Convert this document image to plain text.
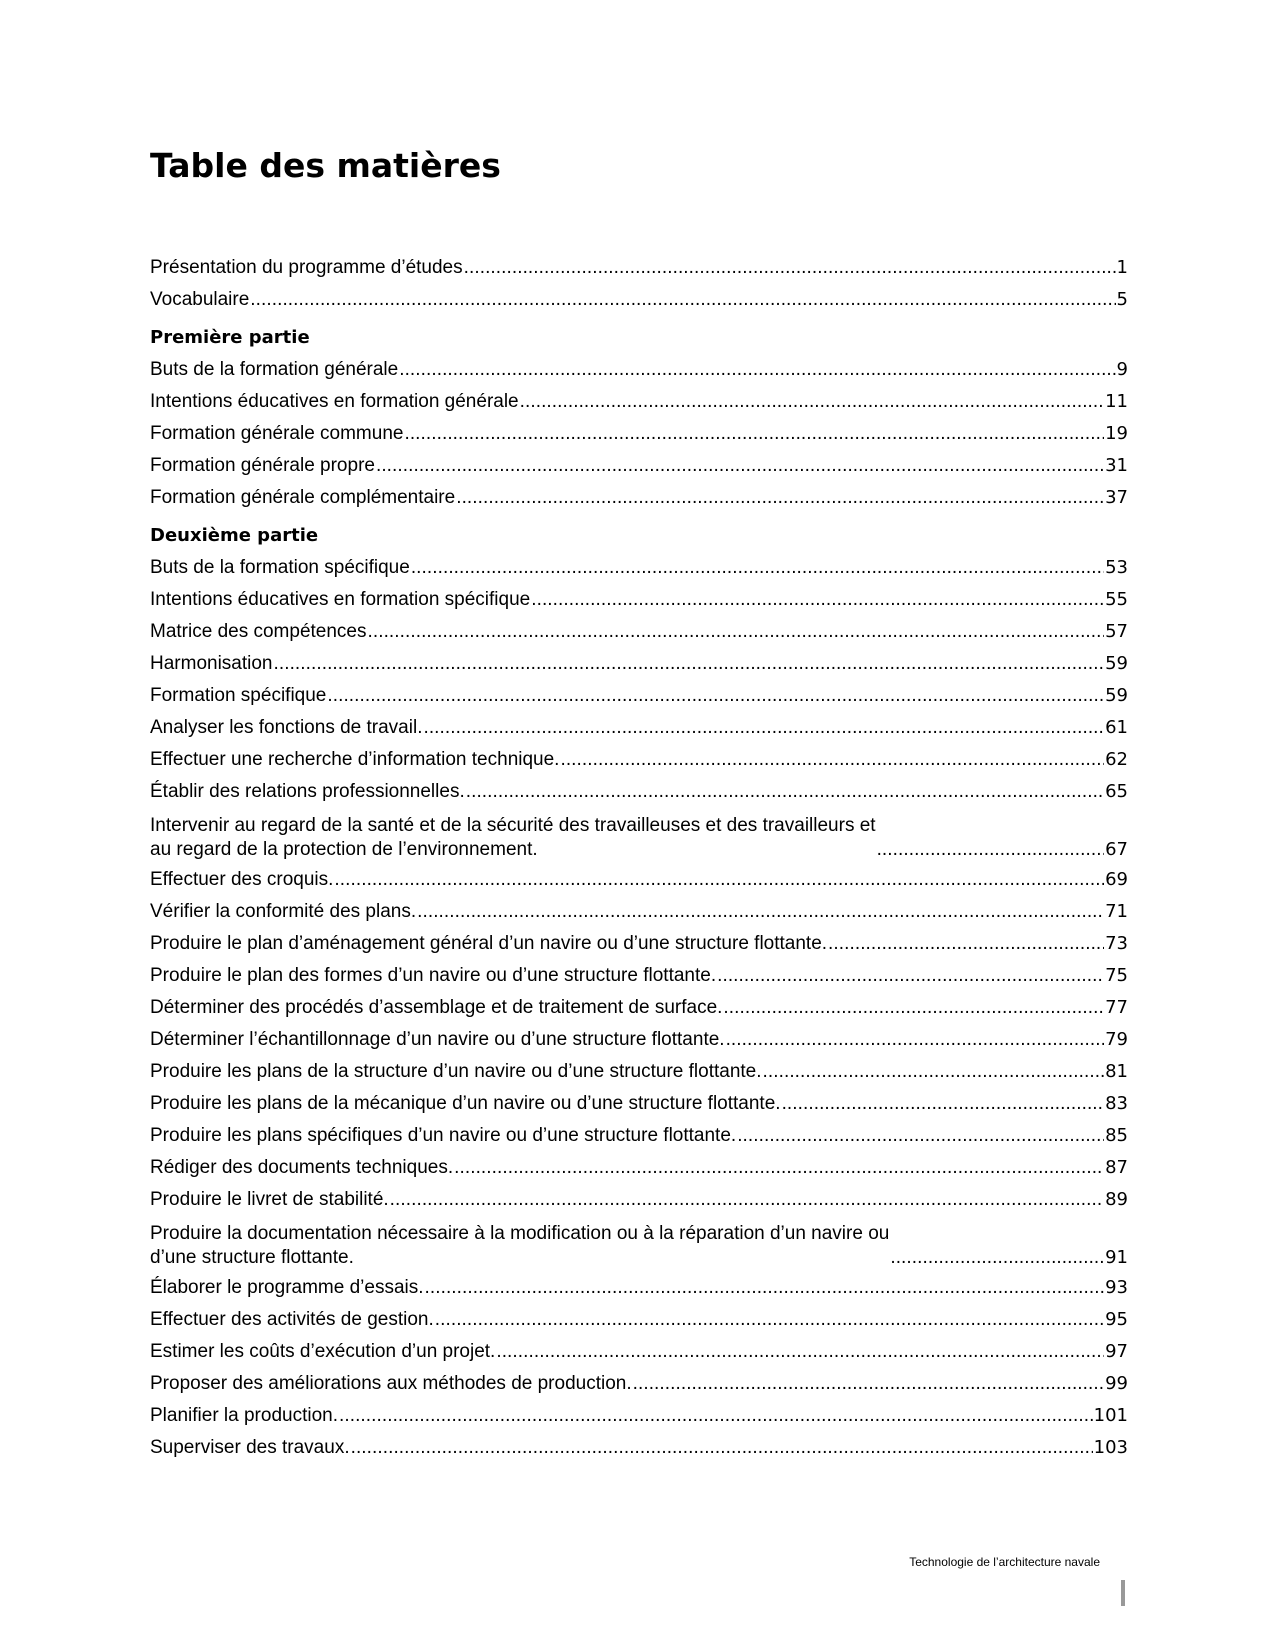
Table des matières
Présentation du programme d’études . . .	1
Vocabulaire . . .	5
Première partie
Buts de la formation générale . . .	9
Intentions éducatives en formation générale . . .	11
Formation générale commune . . .	19
Formation générale propre . . .	31
Formation générale complémentaire . . .	37
Deuxième partie
Buts de la formation spécifique . . .	53
Intentions éducatives en formation spécifique . . .	55
Matrice des compétences . . .	57
Harmonisation . . .	59
Formation spécifique . . .	59
Analyser les fonctions de travail. . . .	61
Effectuer une recherche d’information technique. . . .	62
Établir des relations professionnelles. . . .	65
Intervenir au regard de la santé et de la sécurité des travailleuses et des travailleurs et
au regard de la protection de l’environnement. . . .	67
Effectuer des croquis. . . .	69
Vérifier la conformité des plans. . . .	71
Produire le plan d’aménagement général d’un navire ou d’une structure flottante. . . .	73
Produire le plan des formes d’un navire ou d’une structure flottante. . . .	75
Déterminer des procédés d’assemblage et de traitement de surface. . . .	77
Déterminer l’échantillonnage d’un navire ou d’une structure flottante. . . .	79
Produire les plans de la structure d’un navire ou d’une structure flottante. . . .	81
Produire les plans de la mécanique d’un navire ou d’une structure flottante. . . .	83
Produire les plans spécifiques d’un navire ou d’une structure flottante. . . .	85
Rédiger des documents techniques. . . .	87
Produire le livret de stabilité. . . .	89
Produire la documentation nécessaire à la modification ou à la réparation d’un navire ou
d’une structure flottante. . . .	91
Élaborer le programme d’essais. . . .	93
Effectuer des activités de gestion. . . .	95
Estimer les coûts d’exécution d’un projet. . . .	97
Proposer des améliorations aux méthodes de production. . . .	99
Planifier la production. . . .	101
Superviser des travaux. . . .	103
Technologie de l’architecture navale
